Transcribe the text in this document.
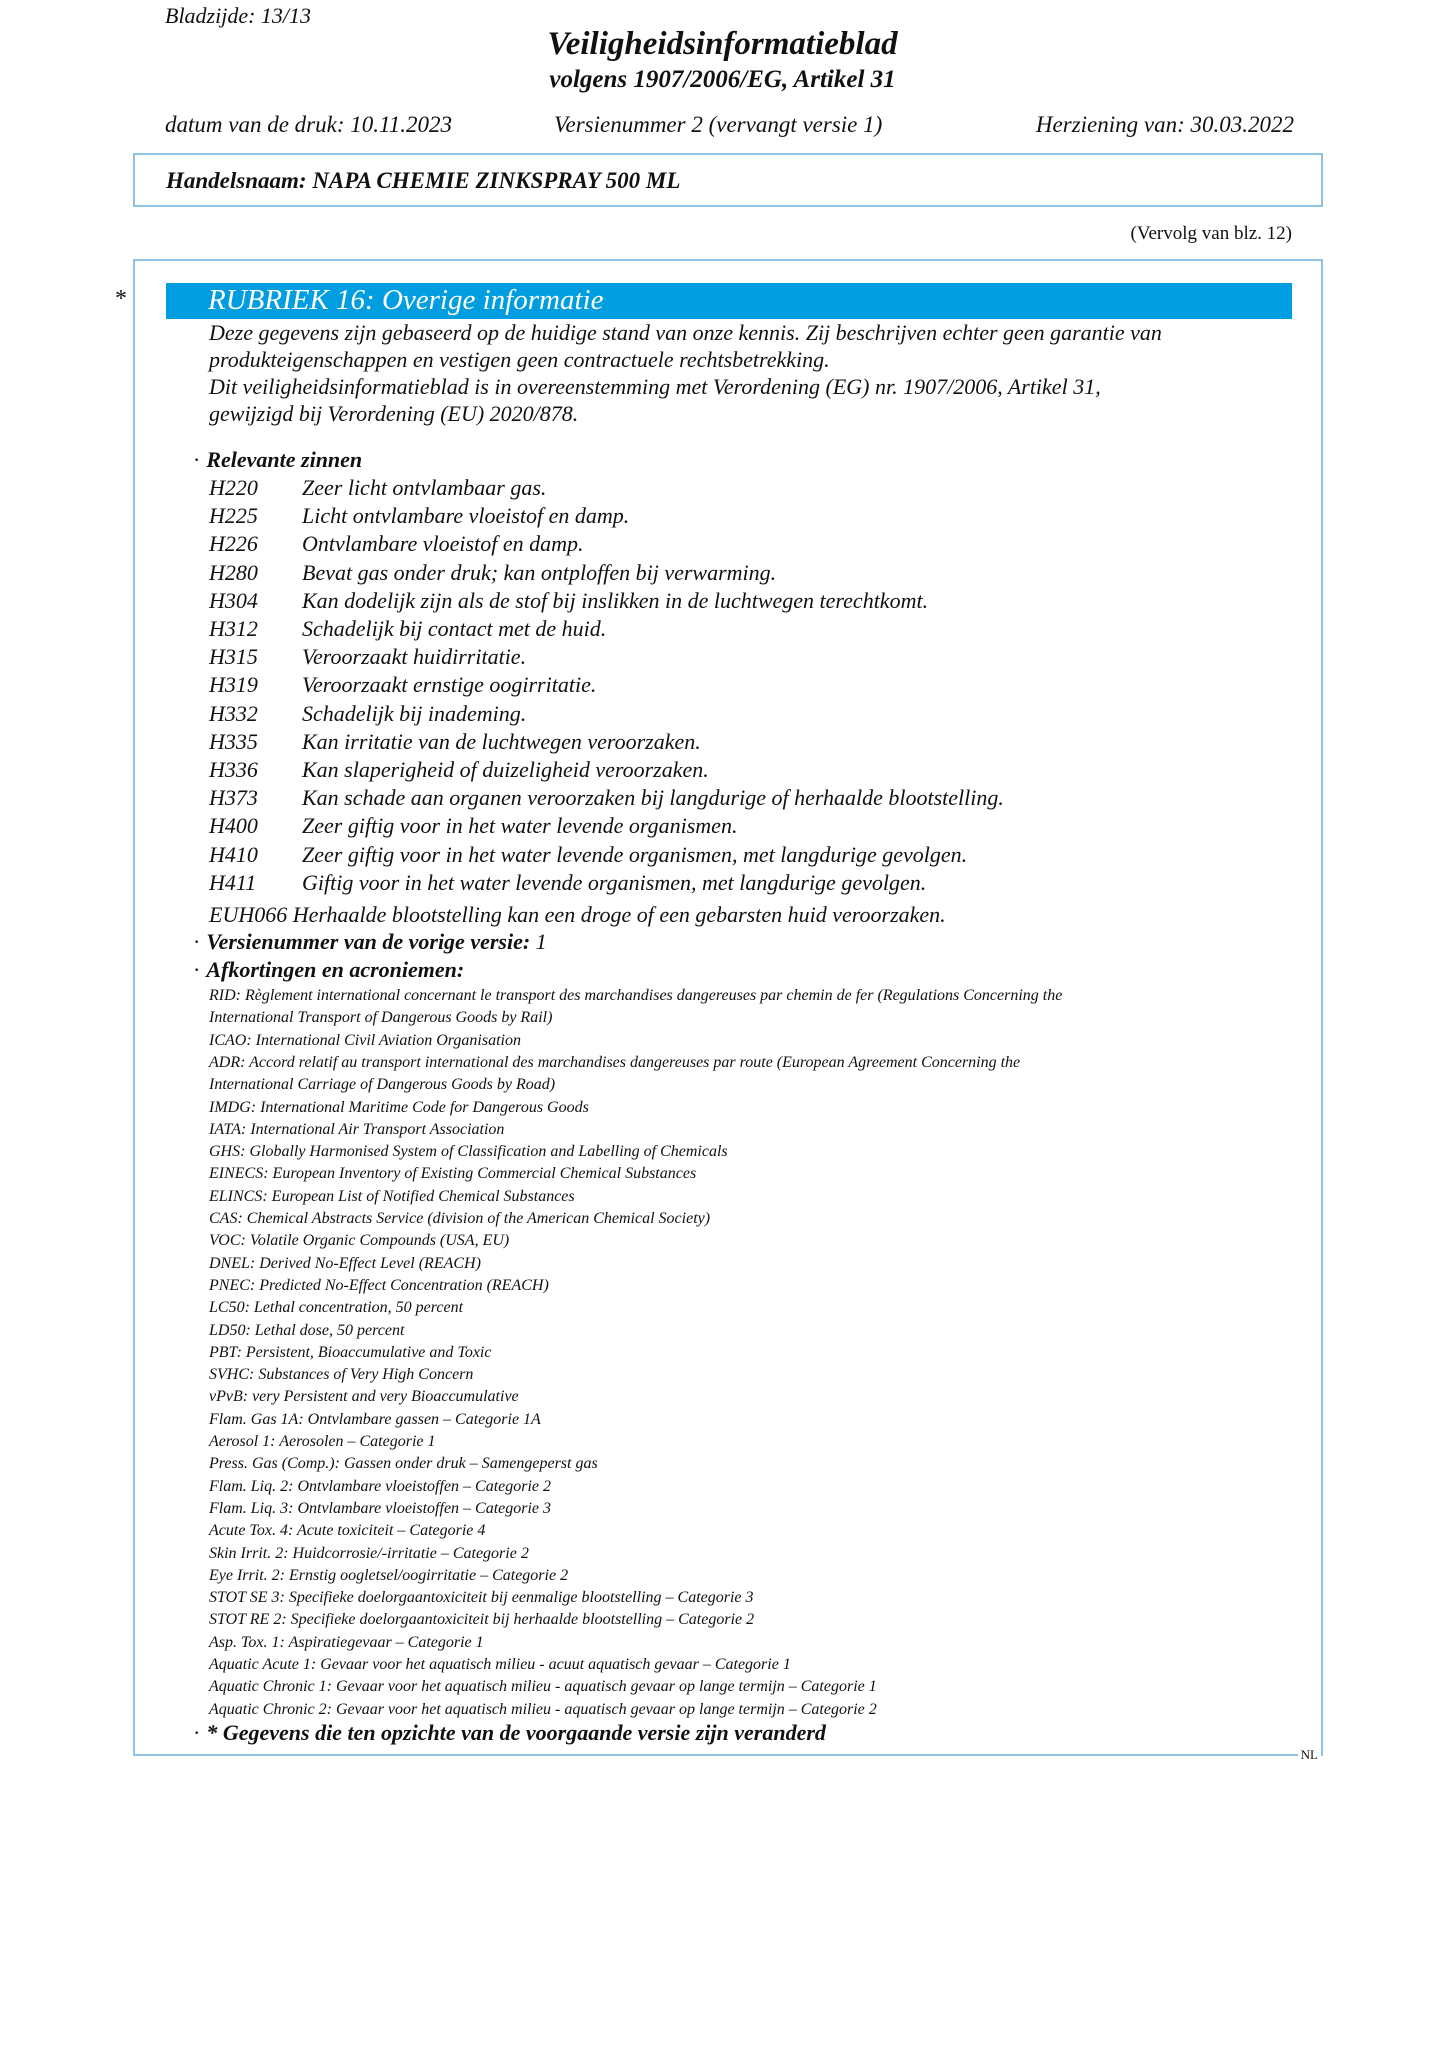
Bladzijde: 13/13
Veiligheidsinformatieblad
volgens 1907/2006/EG, Artikel 31
datum van de druk: 10.11.2023	Versienummer 2 (vervangt versie 1)	Herziening van: 30.03.2022
Handelsnaam: NAPA CHEMIE ZINKSPRAY 500 ML
(Vervolg van blz. 12)
*	RUBRIEK 16: Overige informatie
Deze gegevens zijn gebaseerd op de huidige stand van onze kennis. Zij beschrijven echter geen garantie van
produkteigenschappen en vestigen geen contractuele rechtsbetrekking.
Dit veiligheidsinformatieblad is in overeenstemming met Verordening (EG) nr. 1907/2006, Artikel 31,
gewijzigd bij Verordening (EU) 2020/878.
· Relevante zinnen
H220 Zeer licht ontvlambaar gas.
H225 Licht ontvlambare vloeistof en damp.
H226 Ontvlambare vloeistof en damp.
H280 Bevat gas onder druk; kan ontploffen bij verwarming.
H304 Kan dodelijk zijn als de stof bij inslikken in de luchtwegen terechtkomt.
H312 Schadelijk bij contact met de huid.
H315 Veroorzaakt huidirritatie.
H319 Veroorzaakt ernstige oogirritatie.
H332 Schadelijk bij inademing.
H335 Kan irritatie van de luchtwegen veroorzaken.
H336 Kan slaperigheid of duizeligheid veroorzaken.
H373 Kan schade aan organen veroorzaken bij langdurige of herhaalde blootstelling.
H400 Zeer giftig voor in het water levende organismen.
H410 Zeer giftig voor in het water levende organismen, met langdurige gevolgen.
H411 Giftig voor in het water levende organismen, met langdurige gevolgen.
EUH066 Herhaalde blootstelling kan een droge of een gebarsten huid veroorzaken.
· Versienummer van de vorige versie: 1
· Afkortingen en acroniemen:
RID: Règlement international concernant le transport des marchandises dangereuses par chemin de fer (Regulations Concerning the
International Transport of Dangerous Goods by Rail)
ICAO: International Civil Aviation Organisation
ADR: Accord relatif au transport international des marchandises dangereuses par route (European Agreement Concerning the
International Carriage of Dangerous Goods by Road)
IMDG: International Maritime Code for Dangerous Goods
IATA: International Air Transport Association
GHS: Globally Harmonised System of Classification and Labelling of Chemicals
EINECS: European Inventory of Existing Commercial Chemical Substances
ELINCS: European List of Notified Chemical Substances
CAS: Chemical Abstracts Service (division of the American Chemical Society)
VOC: Volatile Organic Compounds (USA, EU)
DNEL: Derived No-Effect Level (REACH)
PNEC: Predicted No-Effect Concentration (REACH)
LC50: Lethal concentration, 50 percent
LD50: Lethal dose, 50 percent
PBT: Persistent, Bioaccumulative and Toxic
SVHC: Substances of Very High Concern
vPvB: very Persistent and very Bioaccumulative
Flam. Gas 1A: Ontvlambare gassen – Categorie 1A
Aerosol 1: Aerosolen – Categorie 1
Press. Gas (Comp.): Gassen onder druk – Samengeperst gas
Flam. Liq. 2: Ontvlambare vloeistoffen – Categorie 2
Flam. Liq. 3: Ontvlambare vloeistoffen – Categorie 3
Acute Tox. 4: Acute toxiciteit – Categorie 4
Skin Irrit. 2: Huidcorrosie/-irritatie – Categorie 2
Eye Irrit. 2: Ernstig oogletsel/oogirritatie – Categorie 2
STOT SE 3: Specifieke doelorgaantoxiciteit bij eenmalige blootstelling – Categorie 3
STOT RE 2: Specifieke doelorgaantoxiciteit bij herhaalde blootstelling – Categorie 2
Asp. Tox. 1: Aspiratiegevaar – Categorie 1
Aquatic Acute 1: Gevaar voor het aquatisch milieu - acuut aquatisch gevaar – Categorie 1
Aquatic Chronic 1: Gevaar voor het aquatisch milieu - aquatisch gevaar op lange termijn – Categorie 1
Aquatic Chronic 2: Gevaar voor het aquatisch milieu - aquatisch gevaar op lange termijn – Categorie 2
· * Gegevens die ten opzichte van de voorgaande versie zijn veranderd
NL
